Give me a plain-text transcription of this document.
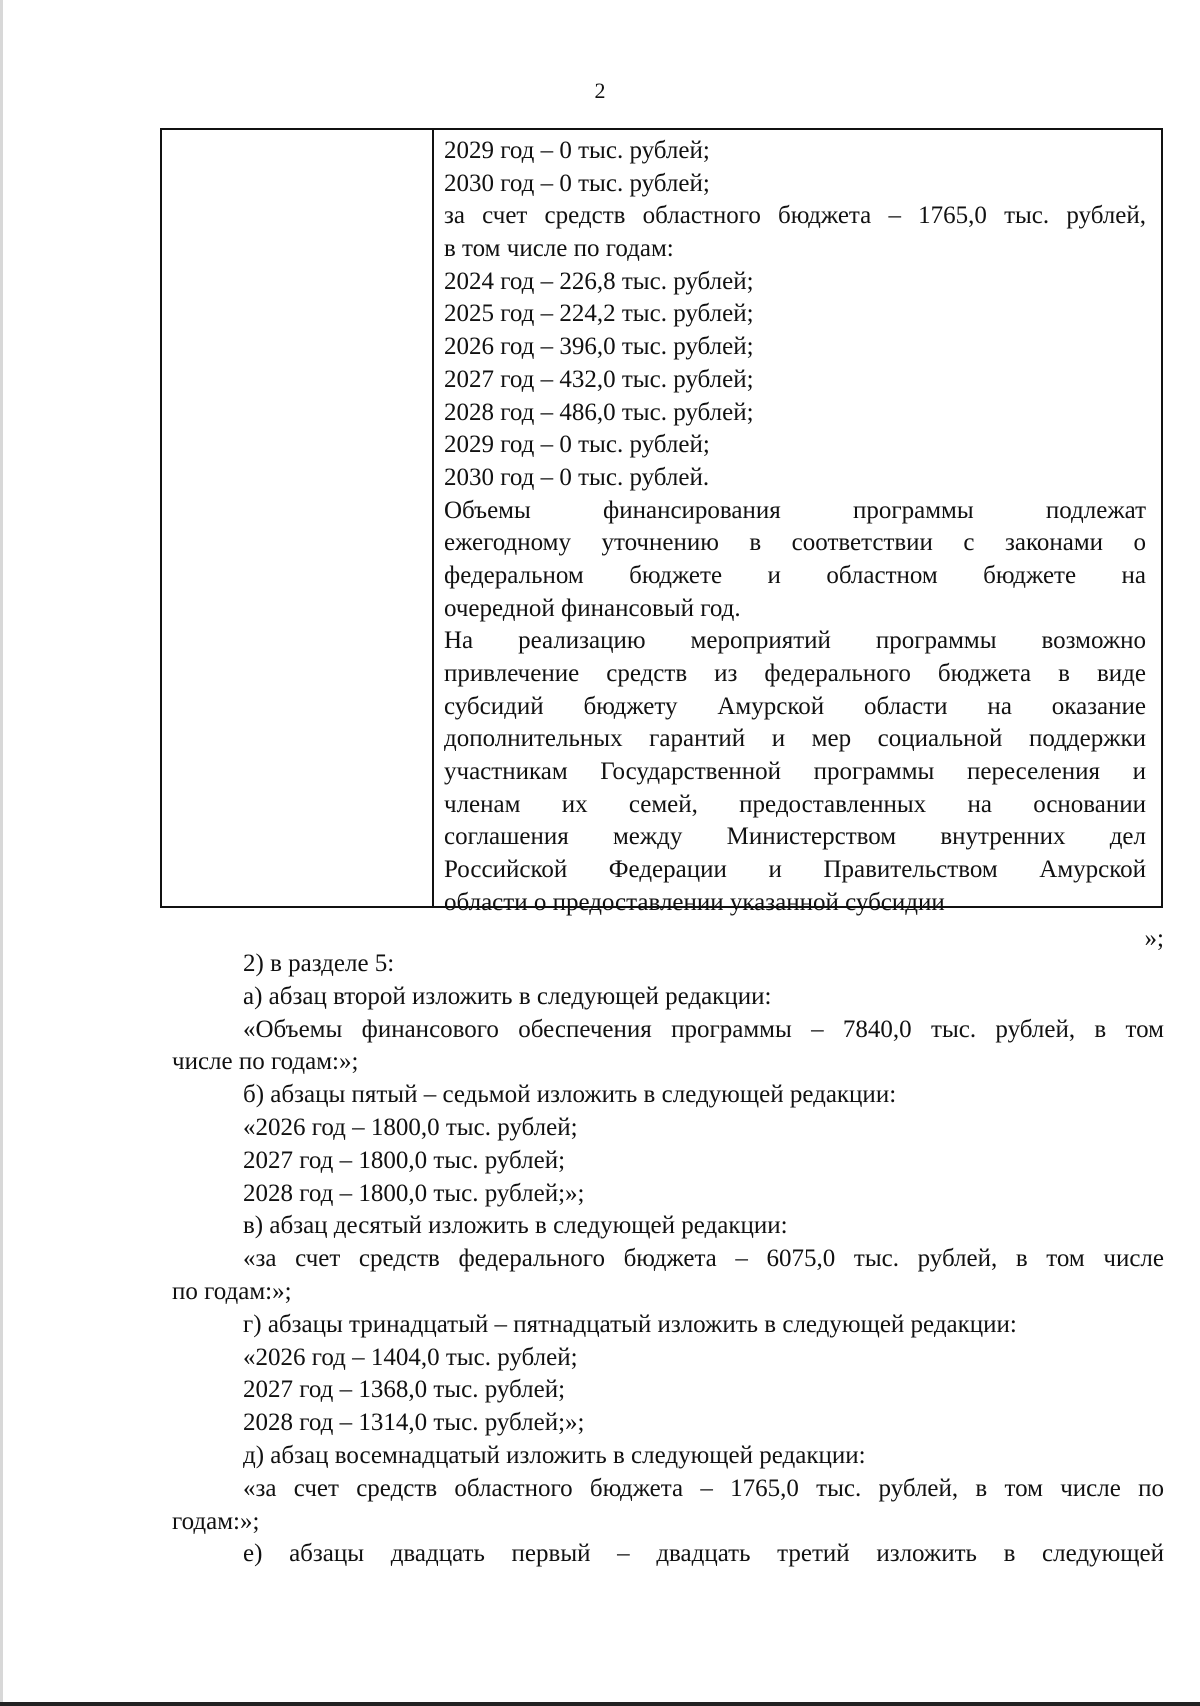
2
2029 год – 0 тыс. рублей;
2030 год – 0 тыс. рублей;
за счет средств областного бюджета – 1765,0 тыс. рублей,
в том числе по годам:
2024 год – 226,8 тыс. рублей;
2025 год – 224,2 тыс. рублей;
2026 год – 396,0 тыс. рублей;
2027 год – 432,0 тыс. рублей;
2028 год – 486,0 тыс. рублей;
2029 год – 0 тыс. рублей;
2030 год – 0 тыс. рублей.
Объемы финансирования программы подлежат
ежегодному уточнению в соответствии с законами о
федеральном бюджете и областном бюджете на
очередной финансовый год.
На реализацию мероприятий программы возможно
привлечение средств из федерального бюджета в виде
субсидий бюджету Амурской области на оказание
дополнительных гарантий и мер социальной поддержки
участникам Государственной программы переселения и
членам их семей, предоставленных на основании
соглашения между Министерством внутренних дел
Российской Федерации и Правительством Амурской
области о предоставлении указанной субсидии
»;
2) в разделе 5:
а) абзац второй изложить в следующей редакции:
«Объемы финансового обеспечения программы – 7840,0 тыс. рублей, в том
числе по годам:»;
б) абзацы пятый – седьмой изложить в следующей редакции:
«2026 год – 1800,0 тыс. рублей;
2027 год – 1800,0 тыс. рублей;
2028 год – 1800,0 тыс. рублей;»;
в) абзац десятый изложить в следующей редакции:
«за счет средств федерального бюджета – 6075,0 тыс. рублей, в том числе
по годам:»;
г) абзацы тринадцатый – пятнадцатый изложить в следующей редакции:
«2026 год – 1404,0 тыс. рублей;
2027 год – 1368,0 тыс. рублей;
2028 год – 1314,0 тыс. рублей;»;
д) абзац восемнадцатый изложить в следующей редакции:
«за счет средств областного бюджета – 1765,0 тыс. рублей, в том числе по
годам:»;
е) абзацы двадцать первый – двадцать третий изложить в следующей
